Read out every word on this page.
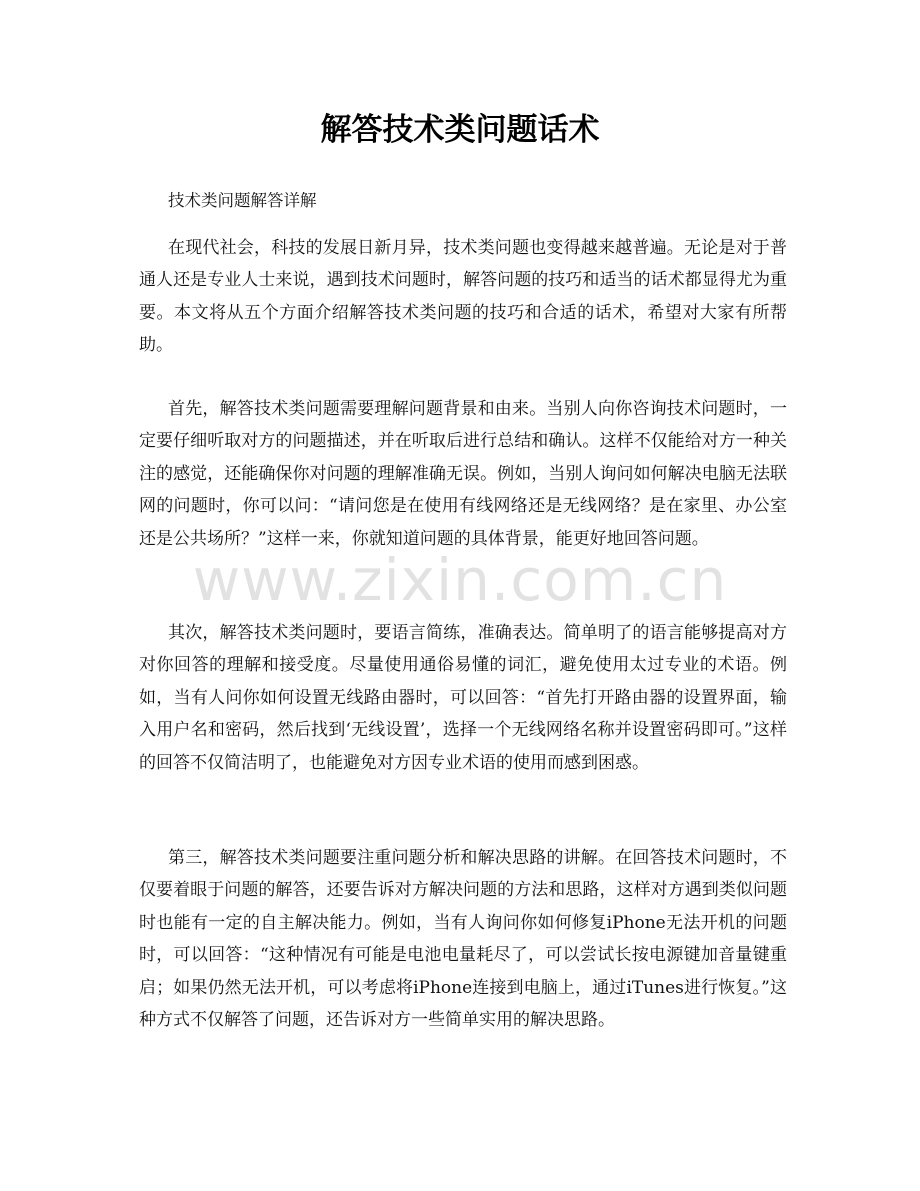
解答技术类问题话术

技术类问题解答详解

在现代社会，科技的发展日新月异，技术类问题也变得越来越普遍。无论是对于普通人还是专业人士来说，遇到技术问题时，解答问题的技巧和适当的话术都显得尤为重要。本文将从五个方面介绍解答技术类问题的技巧和合适的话术，希望对大家有所帮助。

首先，解答技术类问题需要理解问题背景和由来。当别人向你咨询技术问题时，一定要仔细听取对方的问题描述，并在听取后进行总结和确认。这样不仅能给对方一种关注的感觉，还能确保你对问题的理解准确无误。例如，当别人询问如何解决电脑无法联网的问题时，你可以问：“请问您是在使用有线网络还是无线网络？是在家里、办公室还是公共场所？”这样一来，你就知道问题的具体背景，能更好地回答问题。

其次，解答技术类问题时，要语言简练，准确表达。简单明了的语言能够提高对方对你回答的理解和接受度。尽量使用通俗易懂的词汇，避免使用太过专业的术语。例如，当有人问你如何设置无线路由器时，可以回答：“首先打开路由器的设置界面，输入用户名和密码，然后找到‘无线设置’，选择一个无线网络名称并设置密码即可。”这样的回答不仅简洁明了，也能避免对方因专业术语的使用而感到困惑。

第三，解答技术类问题要注重问题分析和解决思路的讲解。在回答技术问题时，不仅要着眼于问题的解答，还要告诉对方解决问题的方法和思路，这样对方遇到类似问题时也能有一定的自主解决能力。例如，当有人询问你如何修复iPhone无法开机的问题时，可以回答：“这种情况有可能是电池电量耗尽了，可以尝试长按电源键加音量键重启；如果仍然无法开机，可以考虑将iPhone连接到电脑上，通过iTunes进行恢复。”这种方式不仅解答了问题，还告诉对方一些简单实用的解决思路。

www.zixin.com.cn
